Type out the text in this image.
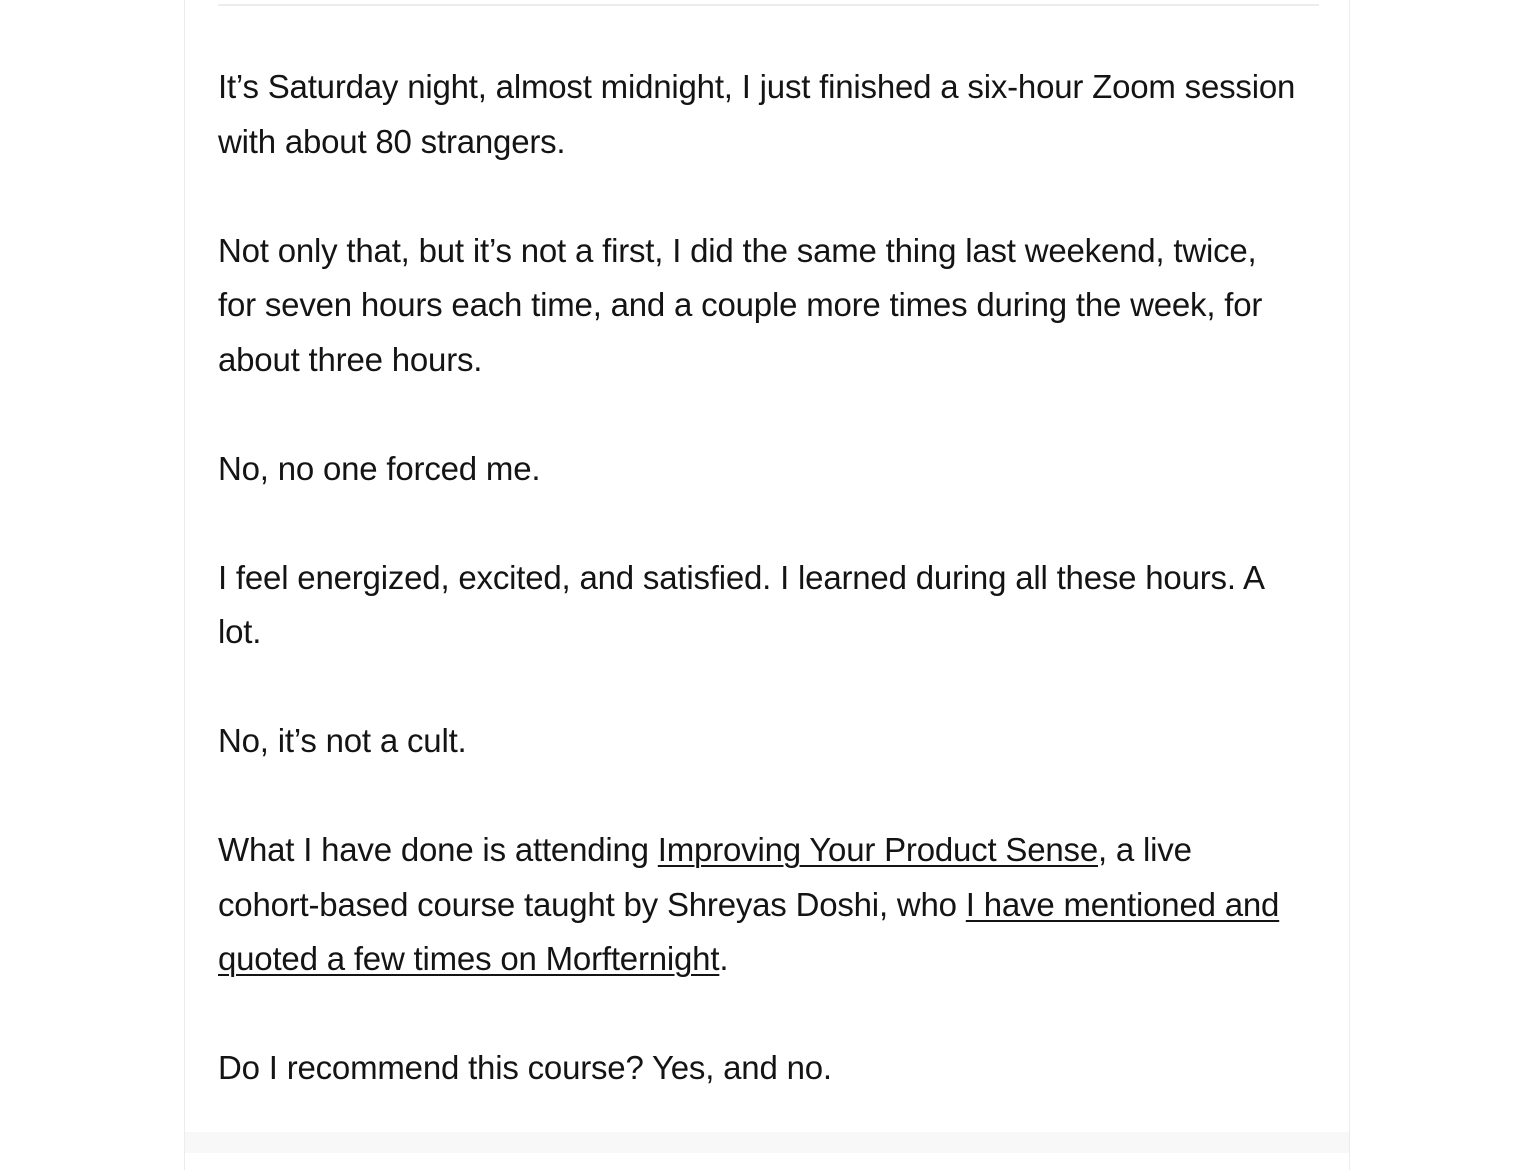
It’s Saturday night, almost midnight, I just finished a six-hour Zoom session with about 80 strangers.

Not only that, but it’s not a first, I did the same thing last weekend, twice, for seven hours each time, and a couple more times during the week, for about three hours.

No, no one forced me.

I feel energized, excited, and satisfied. I learned during all these hours. A lot.

No, it’s not a cult.

What I have done is attending Improving Your Product Sense, a live cohort-based course taught by Shreyas Doshi, who I have mentioned and quoted a few times on Morfternight.

Do I recommend this course? Yes, and no.
